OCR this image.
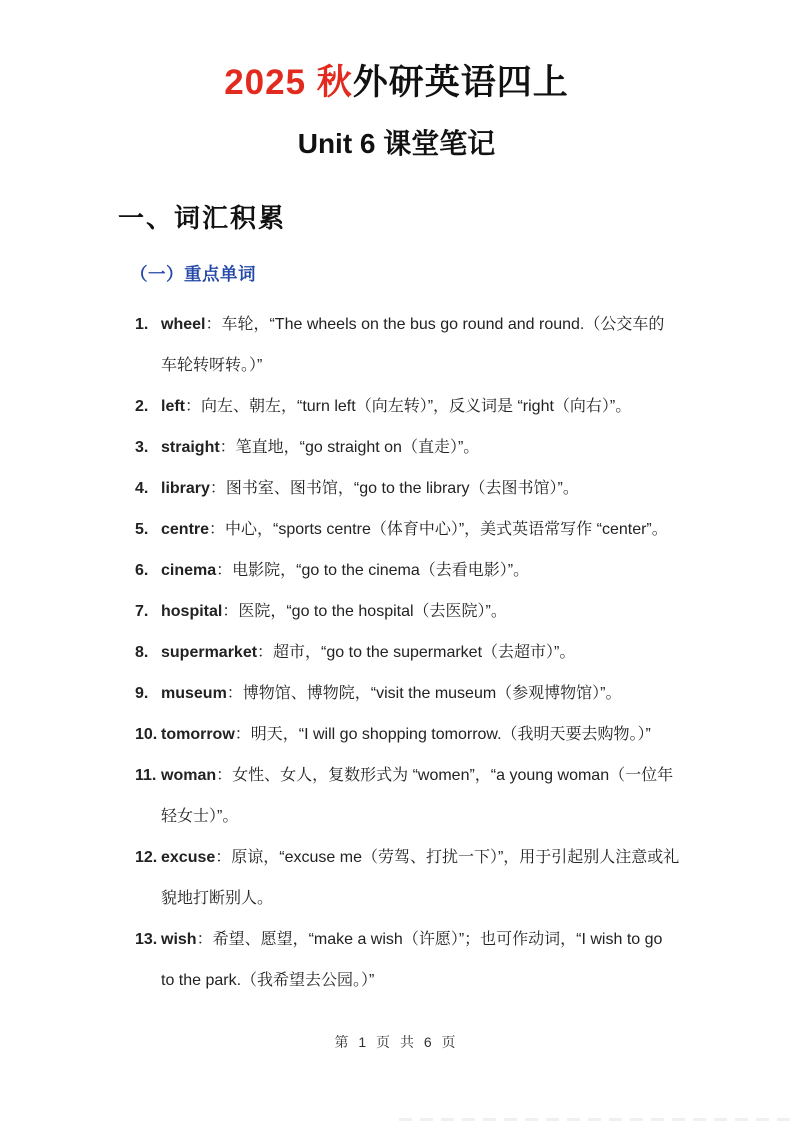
2025 秋外研英语四上
Unit 6 课堂笔记
一、词汇积累
（一）重点单词
1. wheel：车轮，“The wheels on the bus go round and round.（公交车的车轮转呀转。）”
2. left：向左、朝左，“turn left（向左转）”，反义词是 “right（向右）”。
3. straight：笔直地，“go straight on（直走）”。
4. library：图书室、图书馆，“go to the library（去图书馆）”。
5. centre：中心，“sports centre（体育中心）”，美式英语常写作 “center”。
6. cinema：电影院，“go to the cinema（去看电影）”。
7. hospital：医院，“go to the hospital（去医院）”。
8. supermarket：超市，“go to the supermarket（去超市）”。
9. museum：博物馆、博物院，“visit the museum（参观博物馆）”。
10. tomorrow：明天，“I will go shopping tomorrow.（我明天要去购物。）”
11. woman：女性、女人，复数形式为 “women”，“a young woman（一位年轻女士）”。
12. excuse：原谅，“excuse me（劳驾、打扰一下）”，用于引起别人注意或礼貌地打断别人。
13. wish：希望、愿望，“make a wish（许愿）”；也可作动词，“I wish to go to the park.（我希望去公园。）”
第 1 页 共 6 页
